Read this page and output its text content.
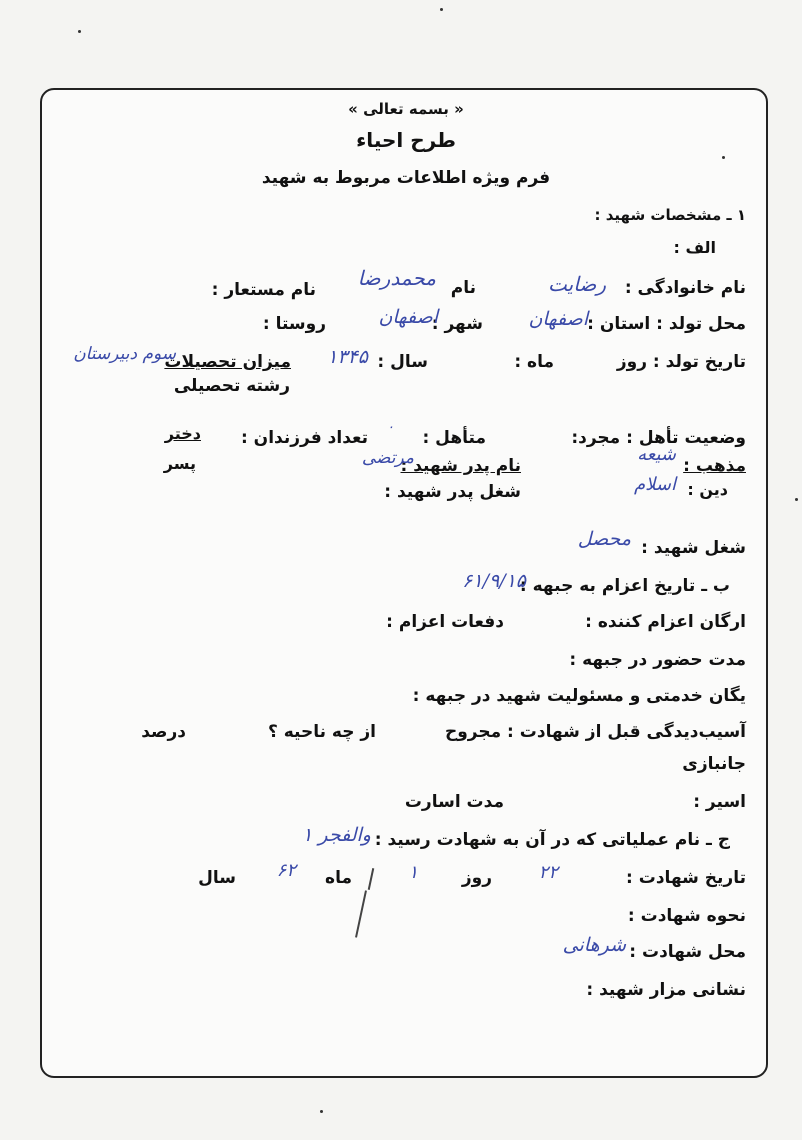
« بسمه تعالی »
طرح احیاء
فرم ویژه اطلاعات مربوط به شهید
۱ ـ مشخصات شهید :
الف :
نام خانوادگی :
رضایت
نام
محمدرضا
نام مستعار :
محل تولد : استان :
اصفهان
شهر :
اصفهان
روستا :
تاریخ تولد : روز
ماه :
سال :
۱۳۴۵
میزان تحصیلات
سوم دبیرستان
رشته تحصیلی
وضعیت تأهل : مجرد:
متأهل :
تعداد فرزندان :
۰
دختر
پسر	مذهب :
شیعه
دین :
اسلام
نام پدر شهید :
مرتضی
شغل پدر شهید :
شغل شهید :
محصل
ب ـ تاریخ اعزام به جبهه :
۶۱/۹/۱۵
ارگان اعزام کننده :
دفعات اعزام :
مدت حضور در جبهه :
یگان خدمتی و مسئولیت شهید در جبهه :
آسیب‌دیدگی قبل از شهادت : مجروح
از چه ناحیه ؟
درصد
جانبازی
اسیر :
مدت اسارت
ج ـ نام عملیاتی که در آن به شهادت رسید :
والفجر ۱
تاریخ شهادت :
۲۲
روز
۱
ماه
۶۲
سال
نحوه شهادت :
محل شهادت :
شرهانی
نشانی مزار شهید :
